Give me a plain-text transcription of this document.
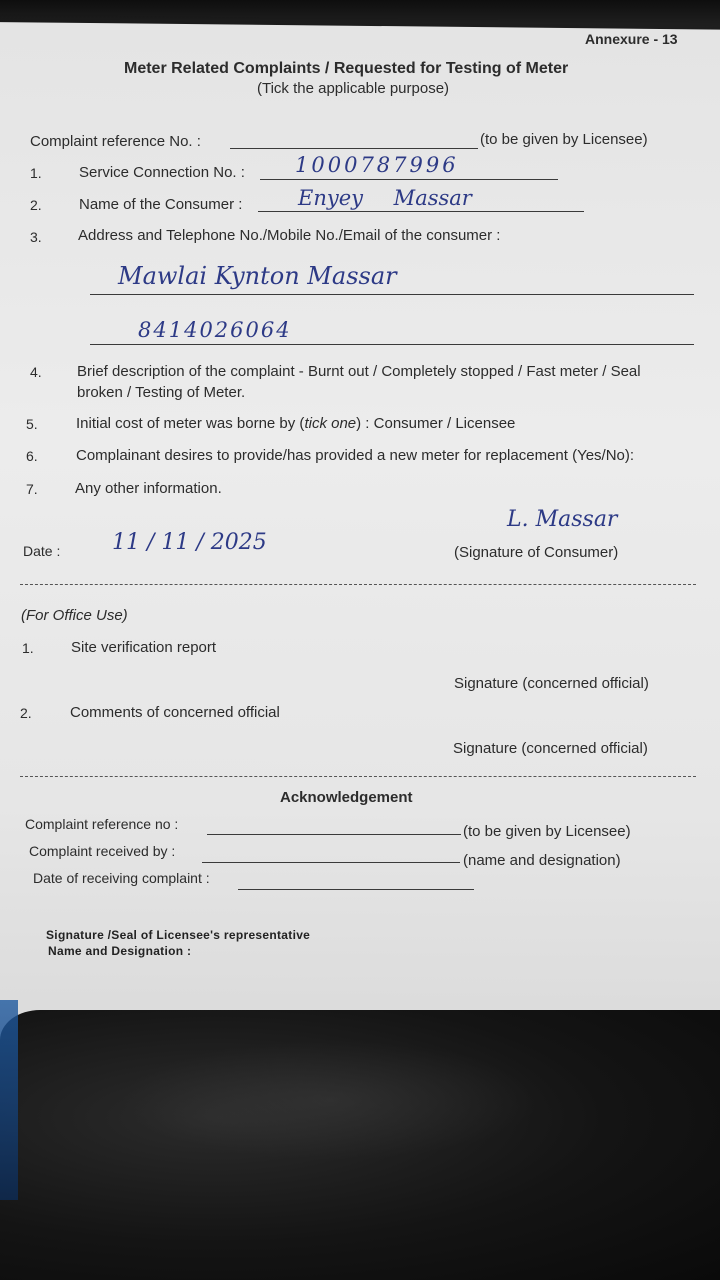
Annexure - 13
Meter Related Complaints / Requested for Testing of Meter
(Tick the applicable purpose)
Complaint reference No. :	(to be given by Licensee)
1. Service Connection No. : 1000787996
2. Name of the Consumer :	Enyey Massar
3. Address and Telephone No./Mobile No./Email of the consumer :
Mawlai Kynton Massar
8414026064
4. Brief description of the complaint - Burnt out / Completely stopped / Fast meter / Seal
broken / Testing of Meter.
5.	Initial cost of meter was borne by (tick one) : Consumer / Licensee
6.	Complainant desires to provide/has provided a new meter for replacement (Yes/No):
7. Any other information.
Date : 11 / 11 / 2025
L. Massar
(Signature of Consumer)
(For Office Use)
1. Site verification report
Signature (concerned official)
2.	Comments of concerned official
Signature (concerned official)
Acknowledgement
Complaint reference no :	(to be given by Licensee)
Complaint received by :
(name and designation)
Date of receiving complaint :
Signature /Seal of Licensee's representative
Name and Designation :
